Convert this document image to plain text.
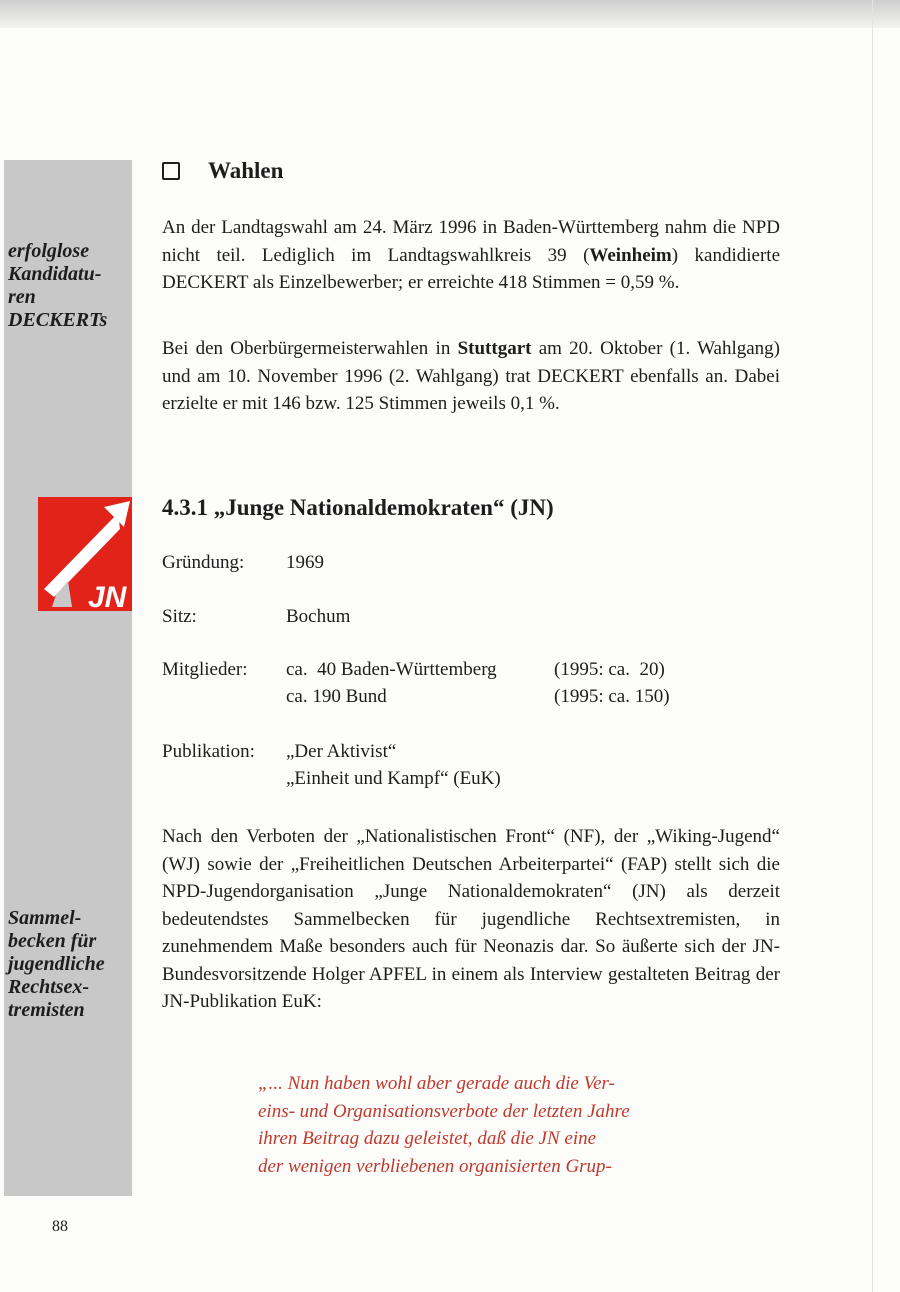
erfolglose
Kandidatu-
ren
DECKERTs
JN
Sammel-
becken für
jugendliche
Rechtsex-
tremisten
88
Wahlen

An der Landtagswahl am 24. März 1996 in Baden-Württemberg nahm die NPD nicht teil. Lediglich im Landtagswahlkreis 39 (Weinheim) kandidierte DECKERT als Einzelbewerber; er erreichte 418 Stimmen = 0,59 %.

Bei den Oberbürgermeisterwahlen in Stuttgart am 20. Oktober (1. Wahlgang) und am 10. November 1996 (2. Wahlgang) trat DECKERT ebenfalls an. Dabei erzielte er mit 146 bzw. 125 Stimmen jeweils 0,1 %.

4.3.1 „Junge Nationaldemokraten“ (JN)
Gründung: 1969
Sitz:	Bochum
Mitglieder: ca.  40 Baden-Württemberg	(1995: ca.  20)
ca. 190 Bund	(1995: ca. 150)
Publikation: „Der Aktivist“
„Einheit und Kampf“ (EuK)

Nach den Verboten der „Nationalistischen Front“ (NF), der „Wiking-Jugend“ (WJ) sowie der „Freiheitlichen Deutschen Arbeiterpartei“ (FAP) stellt sich die NPD-Jugendorganisation „Junge Nationaldemokraten“ (JN) als derzeit bedeutendstes Sammelbecken für jugendliche Rechtsextremisten, in zunehmendem Maße besonders auch für Neonazis dar. So äußerte sich der JN-Bundesvorsitzende Holger APFEL in einem als Interview gestalteten Beitrag der JN-Publikation EuK:

„... Nun haben wohl aber gerade auch die Ver-
eins- und Organisationsverbote der letzten Jahre
ihren Beitrag dazu geleistet, daß die JN eine
der wenigen verbliebenen organisierten Grup-
